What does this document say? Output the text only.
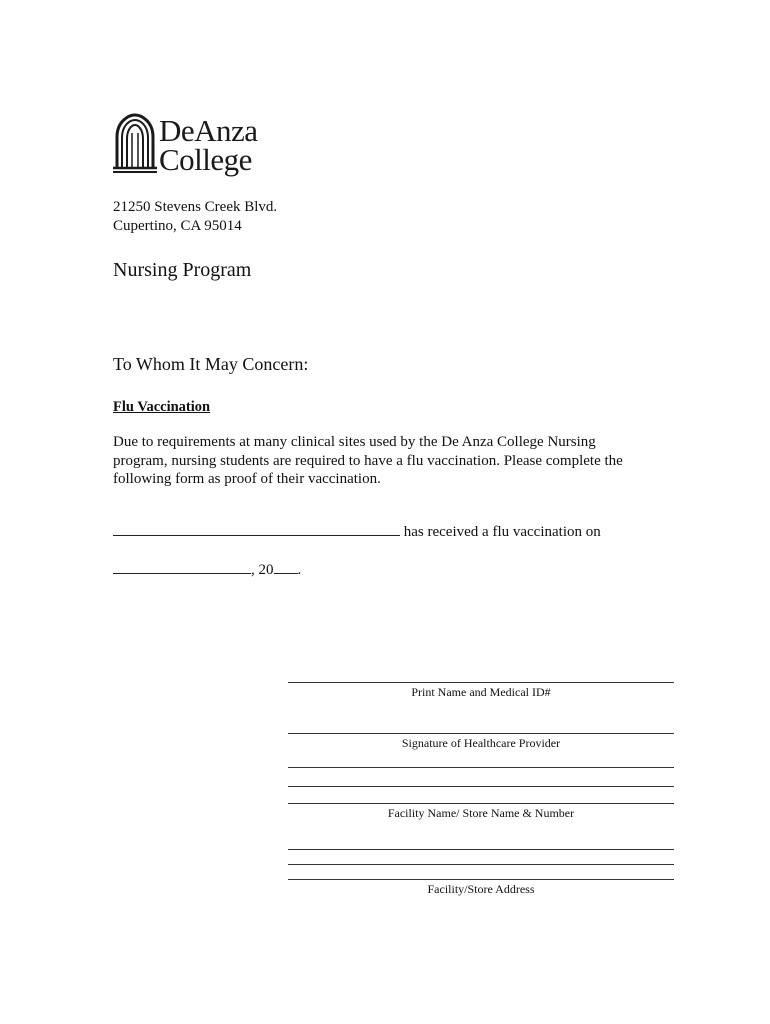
DeAnza
College
21250 Stevens Creek Blvd.
Cupertino, CA 95014
Nursing Program
To Whom It May Concern:
Flu Vaccination
Due to requirements at many clinical sites used by the De Anza College Nursing program, nursing students are required to have a flu vaccination. Please complete the following form as proof of their vaccination.
has received a flu vaccination on
, 20 .
Print Name and Medical ID#
Signature of Healthcare Provider
Facility Name/ Store Name & Number
Facility/Store Address
